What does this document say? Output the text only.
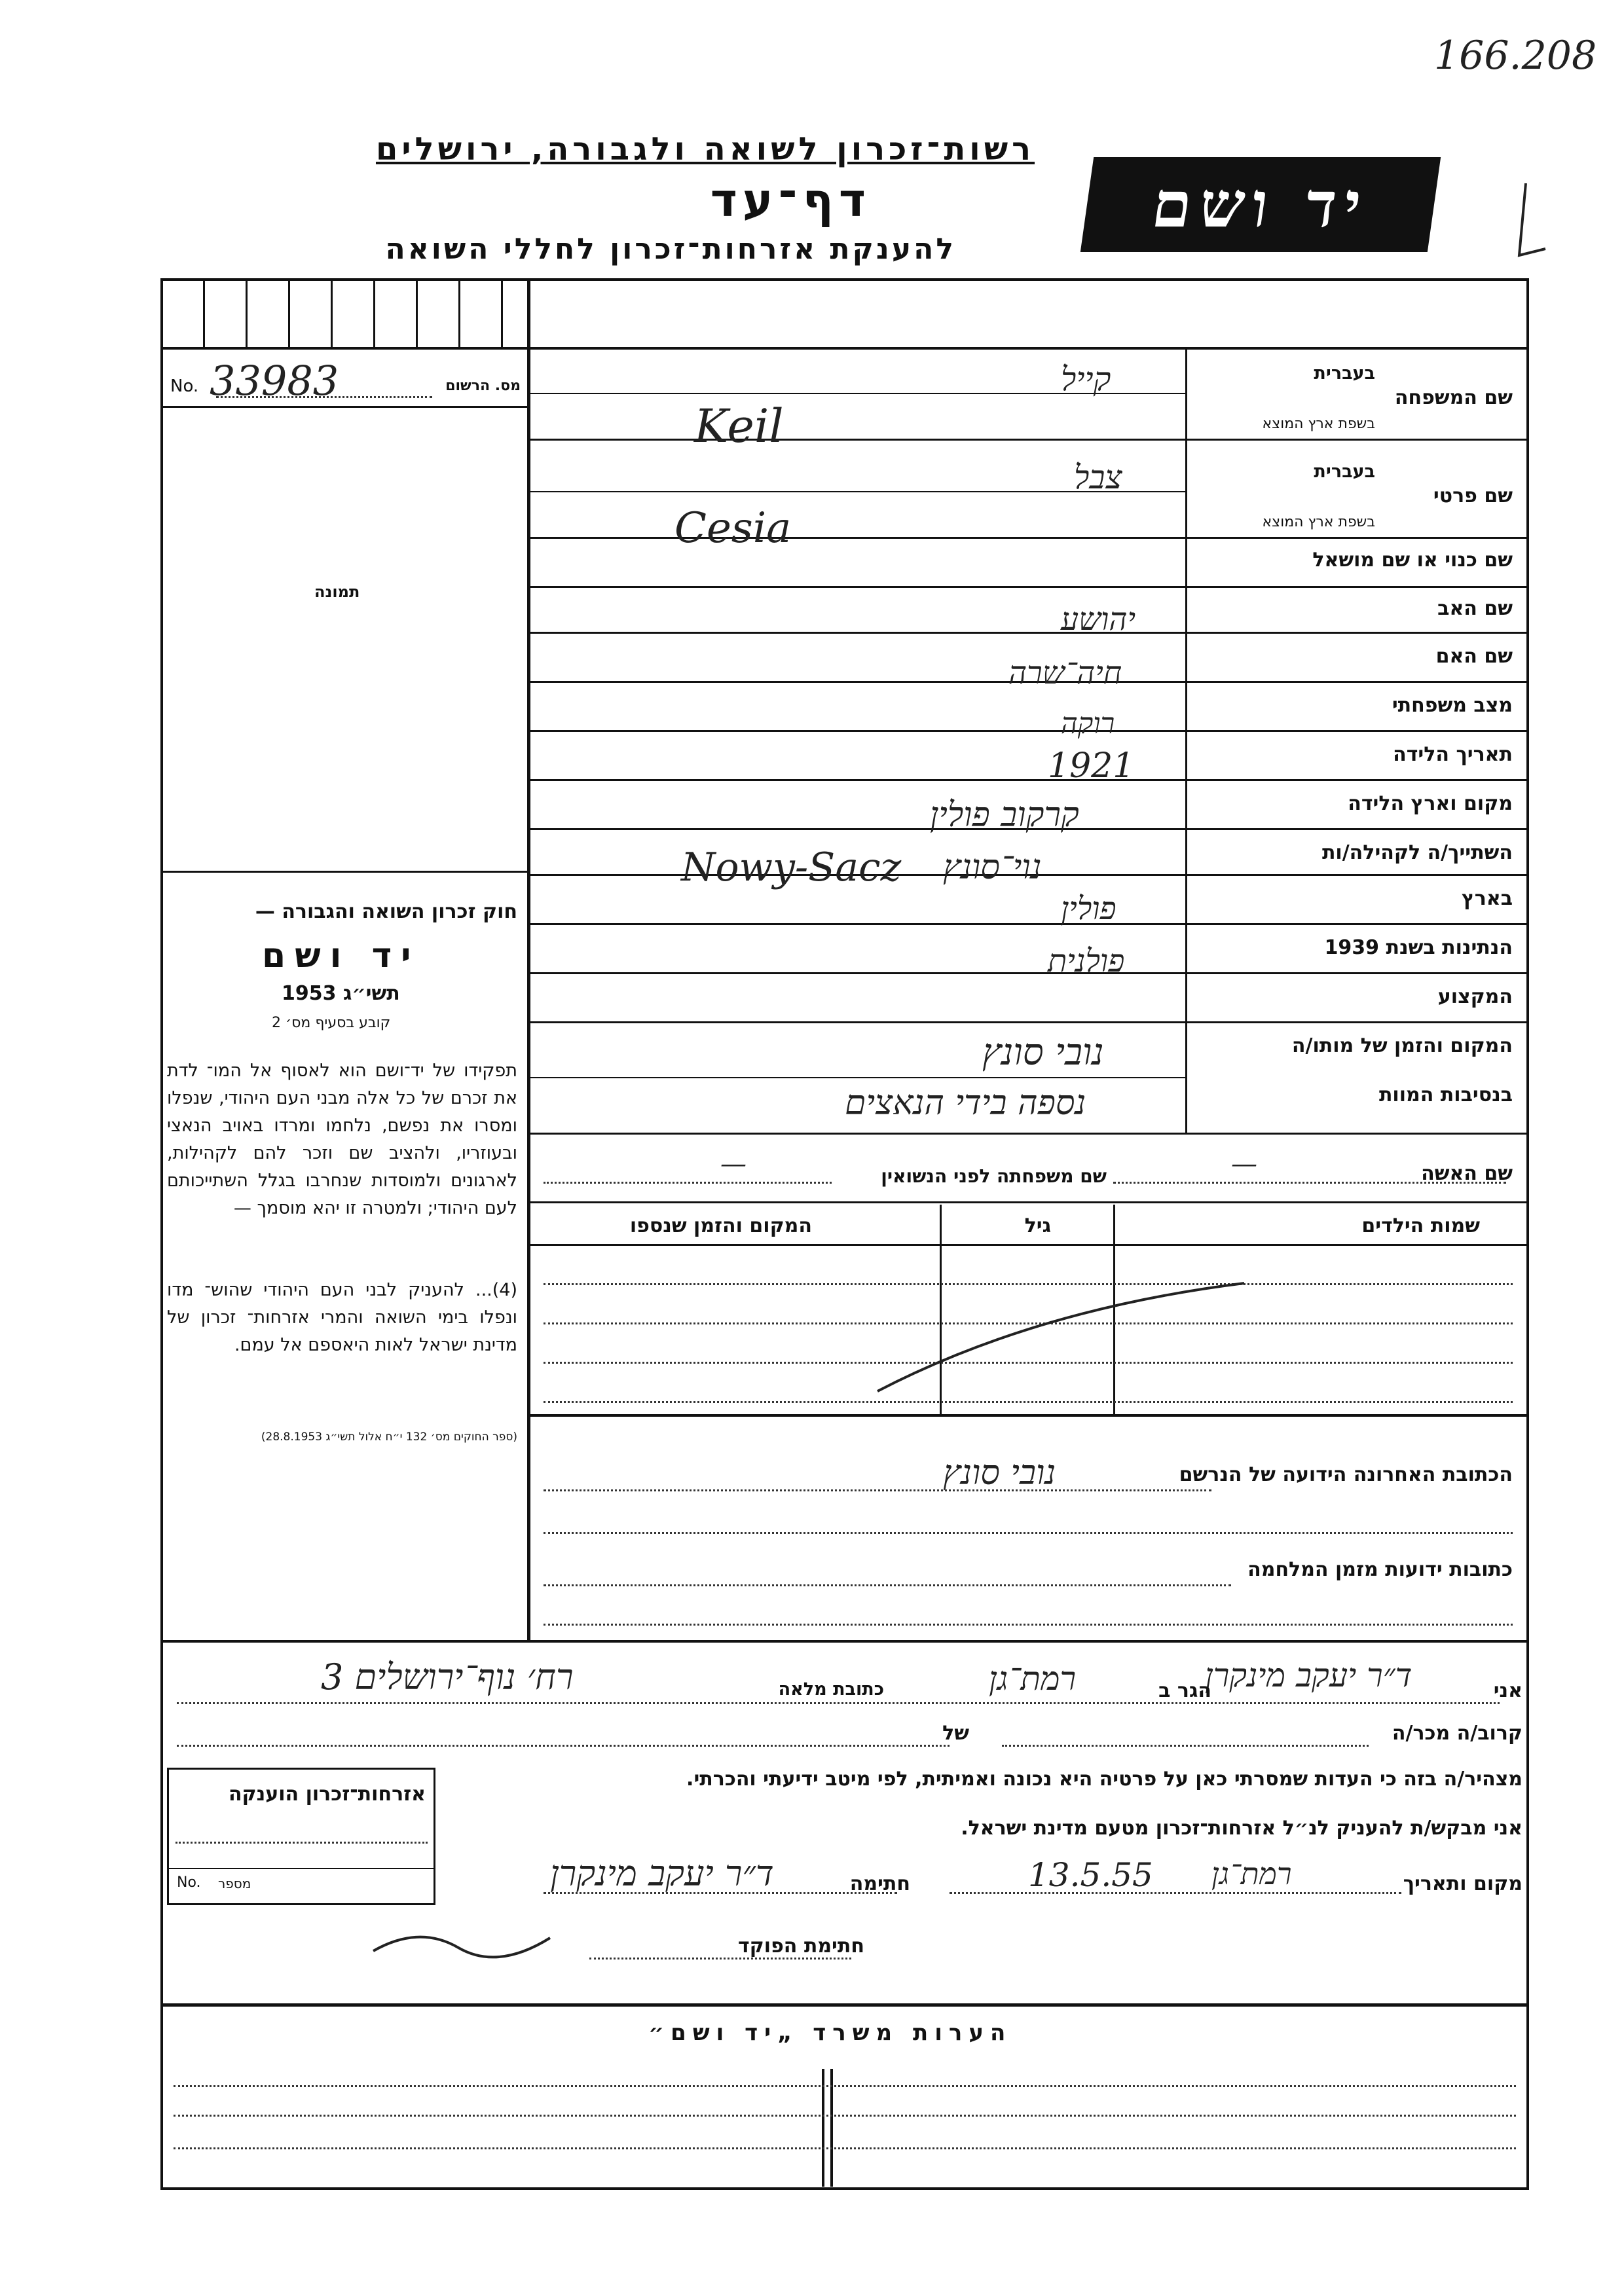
166.208
רשות־זכרון לשואה ולגבורה, ירושלים
דף־עד
להענקת אזרחות־זכרון לחללי השואה
יד ושם
No. 33983	מס. הרשום
תמונה
חוק זכרון השואה והגבורה —
יד ושם
תשי״ג 1953
קובע בסעיף מס׳ 2
תפקידו של יד־ושם הוא לאסוף אל המו־ לדת את זכרם של כל אלה מבני העם היהודי, שנפלו ומסרו את נפשם, נלחמו ומרדו באויב הנאצי ובעוזריו, ולהציב שם וזכר להם לקהילות, לארגונים ולמוסדות שנחרבו בגלל השתייכותם לעם היהודי; ולמטרה זו יהא מוסמך —
(4)... להעניק לבני העם היהודי שהוש־ מדו ונפלו בימי השואה והמרי אזרחות־ זכרון של מדינת ישראל לאות היאספם אל עמם.
(ספר החוקים מס׳ 132 י״ח אלול תשי״ג 28.8.1953)
שם המשפחה
בעברית
בשפת ארץ המוצא
קייל
Keil
שם פרטי
בעברית
בשפת ארץ המוצא
צבל
Cesia
שם כנוי או שם מושאל
שם האב
יהושע
שם האם
חיה־שרה
מצב משפחתי
רוקה
תאריך הלידה
1921
מקום וארץ הלידה
קרקוב פולין
השתייך/ה לקהילה/ות
Nowy-Sacz נוי־סונץ
בארץ
פולין
הנתינות בשנת 1939
פולנית
המקצוע
המקום והזמן של מותו/ה
בנסיבות המוות
נובי סונץ
נספה בידי הנאצים
שם האשה
—
שם משפחתה לפני הנשואין
—
שמות הילדים
גיל
המקום והזמן שנספו
הכתובת האחרונה הידועה של הנרשם
נובי סונץ
כתובות ידועות מזמן המלחמה
אני
ד״ר יעקב מינקרן
הגר ב
רמת־גן
כתובת מלאה
רח׳ נוף־ירושלים 3
קרוב/ה מכר/ה
של
מצהיר/ה בזה כי העדות שמסרתי כאן על פרטיה היא נכונה ואמיתית, לפי מיטב ידיעתי והכרתי.
אני מבקש/ת להעניק לנ״ל אזרחות־זכרון מטעם מדינת ישראל.
מקום ותאריך
רמת־גן
13.5.55
חתימה
ד״ר יעקב מינקרן
חתימת הפוקד
אזרחות־זכרון הוענקה
No. מספר
הערות משרד „יד ושם״
